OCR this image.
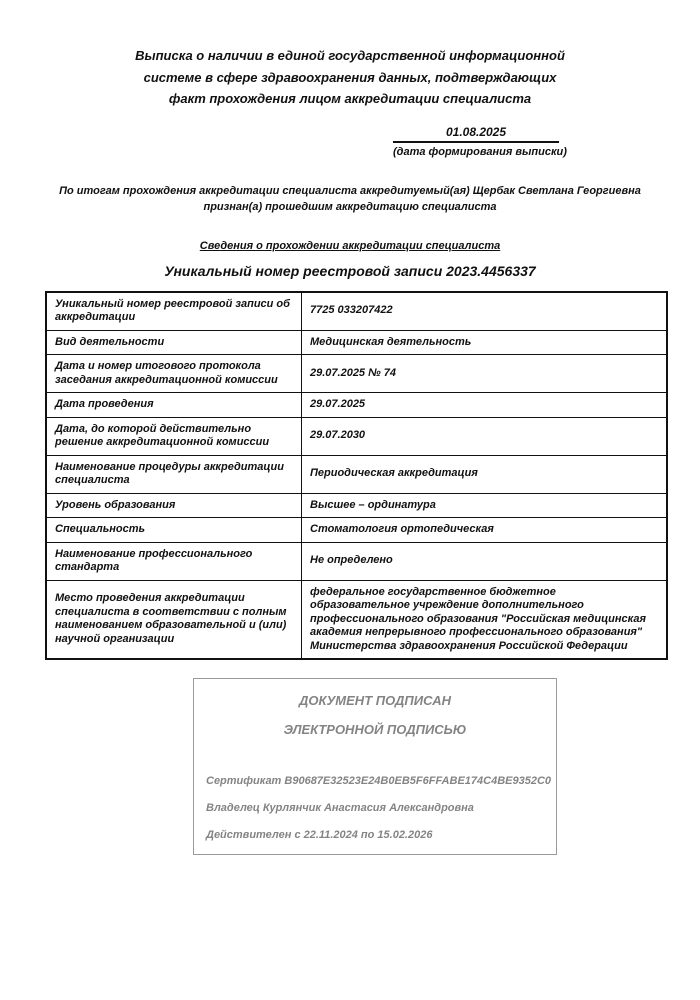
Выписка о наличии в единой государственной информационной системе в сфере здравоохранения данных, подтверждающих факт прохождения лицом аккредитации специалиста
01.08.2025
(дата формирования выписки)
По итогам прохождения аккредитации специалиста аккредитуемый(ая) Щербак Светлана Георгиевна признан(а) прошедшим аккредитацию специалиста
Сведения о прохождении аккредитации специалиста
Уникальный номер реестровой записи 2023.4456337
Уникальный номер реестровой записи об аккредитации	7725 033207422
Вид деятельности	Медицинская деятельность
Дата и номер итогового протокола заседания аккредитационной комиссии	29.07.2025 № 74
Дата проведения	29.07.2025
Дата, до которой действительно решение аккредитационной комиссии	29.07.2030
Наименование процедуры аккредитации специалиста	Периодическая аккредитация
Уровень образования	Высшее – ординатура
Специальность	Стоматология ортопедическая
Наименование профессионального стандарта	Не определено
Место проведения аккредитации специалиста в соответствии с полным наименованием образовательной и (или) научной организации	федеральное государственное бюджетное образовательное учреждение дополнительного профессионального образования "Российская медицинская академия непрерывного профессионального образования" Министерства здравоохранения Российской Федерации
ДОКУМЕНТ ПОДПИСАН
ЭЛЕКТРОННОЙ ПОДПИСЬЮ
Сертификат B90687E32523E24B0EB5F6FFABE174C4BE9352C0
Владелец Курлянчик Анастасия Александровна
Действителен с 22.11.2024 по 15.02.2026
